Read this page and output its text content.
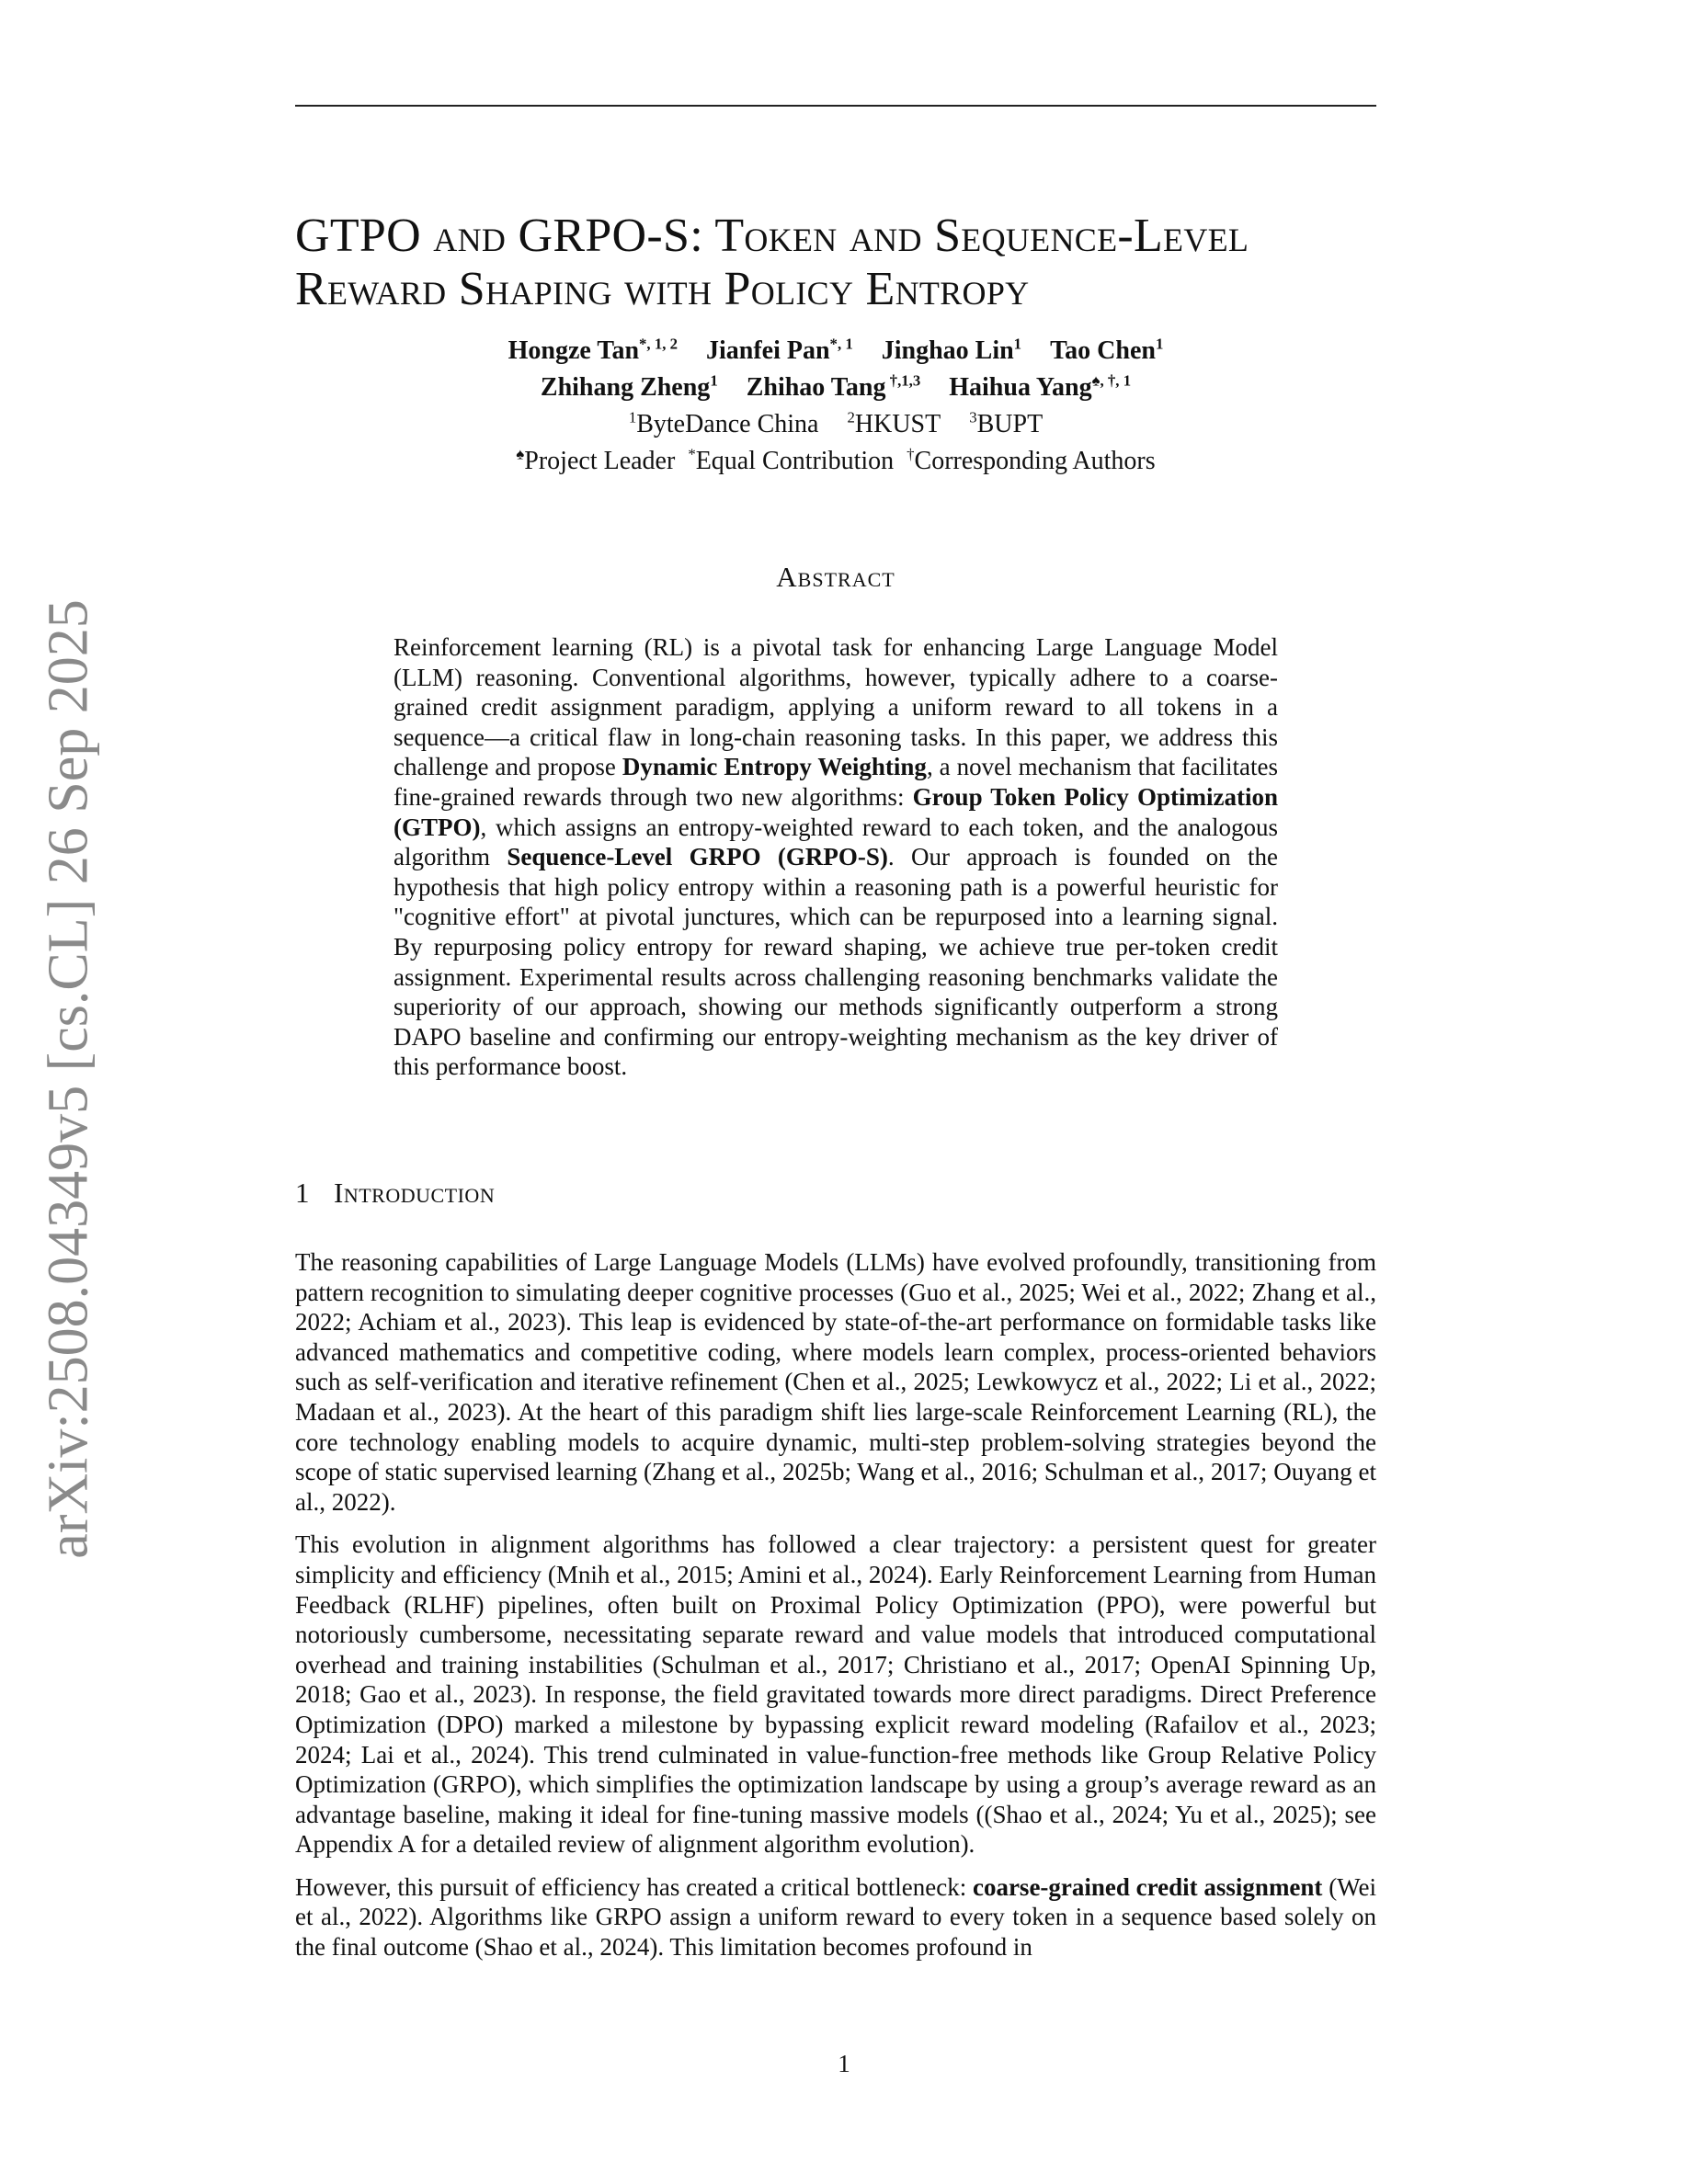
arXiv:2508.04349v5 [cs.CL] 26 Sep 2025
GTPO and GRPO-S: Token and Sequence-Level
Reward Shaping with Policy Entropy
Hongze Tan$^{*, 1, 2}$ Jianfei Pan$^{*, 1}$ Jinghao Lin$^1$ Tao Chen$^1$
Zhihang Zheng$^1$ Zhihao Tang $^{\dagger,1,3}$ Haihua Yang$^{♠, \dagger, 1}$
$^1$ByteDance China $^2$HKUST $^3$BUPT
♠Project Leader *Equal Contribution †Corresponding Authors
Abstract
Reinforcement learning (RL) is a pivotal task for enhancing Large Language Model (LLM) reasoning. Conventional algorithms, however, typically adhere to a coarse-grained credit assignment paradigm, applying a uniform reward to all tokens in a sequence—a critical flaw in long-chain reasoning tasks. In this paper, we address this challenge and propose Dynamic Entropy Weighting, a novel mechanism that facilitates fine-grained rewards through two new algorithms: Group Token Policy Optimization (GTPO), which assigns an entropy-weighted reward to each token, and the analogous algorithm Sequence-Level GRPO (GRPO-S). Our approach is founded on the hypothesis that high policy entropy within a reasoning path is a powerful heuristic for "cognitive effort" at pivotal junctures, which can be repurposed into a learning signal. By repurposing policy entropy for reward shaping, we achieve true per-token credit assignment. Experimental results across challenging reasoning benchmarks validate the superiority of our approach, showing our methods significantly outperform a strong DAPO baseline and confirming our entropy-weighting mechanism as the key driver of this performance boost.
1 Introduction

The reasoning capabilities of Large Language Models (LLMs) have evolved profoundly, transitioning from pattern recognition to simulating deeper cognitive processes (Guo et al., 2025; Wei et al., 2022; Zhang et al., 2022; Achiam et al., 2023). This leap is evidenced by state-of-the-art performance on formidable tasks like advanced mathematics and competitive coding, where models learn complex, process-oriented behaviors such as self-verification and iterative refinement (Chen et al., 2025; Lewkowycz et al., 2022; Li et al., 2022; Madaan et al., 2023). At the heart of this paradigm shift lies large-scale Reinforcement Learning (RL), the core technology enabling models to acquire dynamic, multi-step problem-solving strategies beyond the scope of static supervised learning (Zhang et al., 2025b; Wang et al., 2016; Schulman et al., 2017; Ouyang et al., 2022).

This evolution in alignment algorithms has followed a clear trajectory: a persistent quest for greater simplicity and efficiency (Mnih et al., 2015; Amini et al., 2024). Early Reinforcement Learning from Human Feedback (RLHF) pipelines, often built on Proximal Policy Optimization (PPO), were powerful but notoriously cumbersome, necessitating separate reward and value models that introduced computational overhead and training instabilities (Schulman et al., 2017; Christiano et al., 2017; OpenAI Spinning Up, 2018; Gao et al., 2023). In response, the field gravitated towards more direct paradigms. Direct Preference Optimization (DPO) marked a milestone by bypassing explicit reward modeling (Rafailov et al., 2023; 2024; Lai et al., 2024). This trend culminated in value-function-free methods like Group Relative Policy Optimization (GRPO), which simplifies the optimization landscape by using a group’s average reward as an advantage baseline, making it ideal for fine-tuning massive models ((Shao et al., 2024; Yu et al., 2025); see Appendix A for a detailed review of alignment algorithm evolution).

However, this pursuit of efficiency has created a critical bottleneck: coarse-grained credit assignment (Wei et al., 2022). Algorithms like GRPO assign a uniform reward to every token in a sequence based solely on the final outcome (Shao et al., 2024). This limitation becomes profound in

1
